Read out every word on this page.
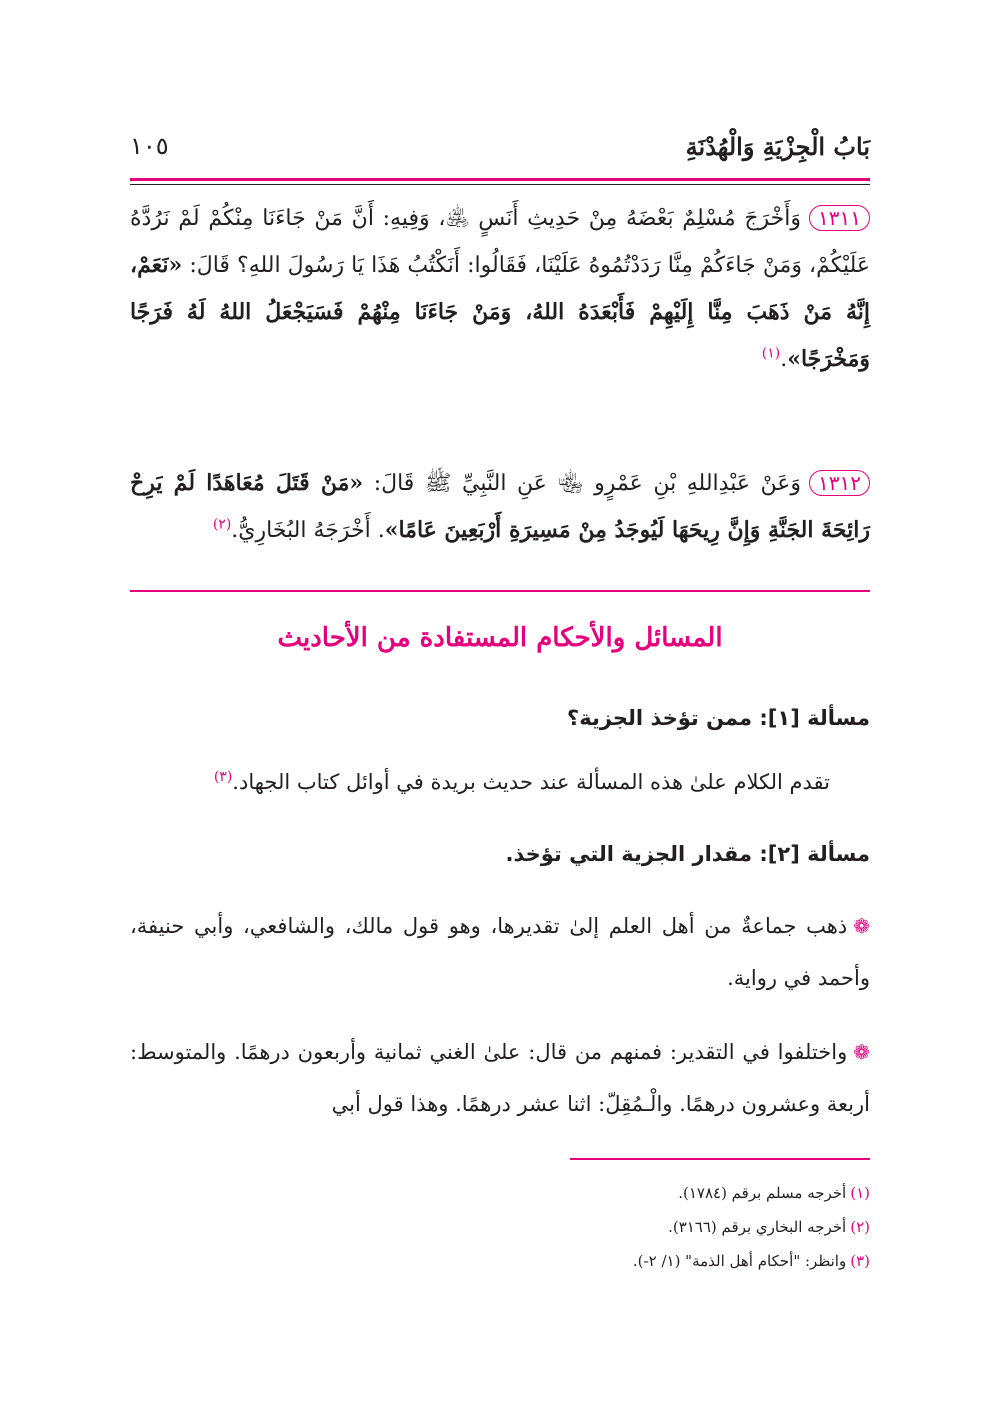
بَابُ الْجِزْيَةِ وَالْهُدْنَةِ
١٠٥
١٣١١وَأَخْرَجَ مُسْلِمٌ بَعْضَهُ مِنْ حَدِيثِ أَنَسٍ ﵁، وَفِيهِ: أَنَّ مَنْ جَاءَنَا مِنْكُمْ لَمْ نَرُدَّهُ عَلَيْكُمْ، وَمَنْ جَاءَكُمْ مِنَّا رَدَدْتُمُوهُ عَلَيْنَا، فَقَالُوا: أَنَكْتُبُ هَذَا يَا رَسُولَ اللهِ؟ قَالَ: «نَعَمْ، إِنَّهُ مَنْ ذَهَبَ مِنَّا إِلَيْهِمْ فَأَبْعَدَهُ اللهُ، وَمَنْ جَاءَنَا مِنْهُمْ فَسَيَجْعَلُ اللهُ لَهُ فَرَجًا وَمَخْرَجًا».$^{(١)}$
١٣١٢وَعَنْ عَبْدِاللهِ بْنِ عَمْرٍو ﵄ عَنِ النَّبِيِّ ﷺ قَالَ: «مَنْ قَتَلَ مُعَاهَدًا لَمْ يَرِحْ رَائِحَةَ الجَنَّةِ وَإِنَّ رِيحَهَا لَيُوجَدُ مِنْ مَسِيرَةِ أَرْبَعِينَ عَامًا». أَخْرَجَهُ البُخَارِيُّ.$^{(٢)}$
المسائل والأحكام المستفادة من الأحاديث
مسألة [١]: ممن تؤخذ الجزية؟
تقدم الكلام علىٰ هذه المسألة عند حديث بريدة في أوائل كتاب الجهاد.$^{(٣)}$
مسألة [٢]: مقدار الجزية التي تؤخذ.
❁ذهب جماعةٌ من أهل العلم إلىٰ تقديرها، وهو قول مالك، والشافعي، وأبي حنيفة، وأحمد في رواية.
❁واختلفوا في التقدير: فمنهم من قال: علىٰ الغني ثمانية وأربعون درهمًا. والمتوسط: أربعة وعشرون درهمًا. والْـمُقِلّ: اثنا عشر درهمًا. وهذا قول أبي
(١)أخرجه مسلم برقم (١٧٨٤).
(٢)أخرجه البخاري برقم (٣١٦٦).
(٣)وانظر: "أحكام أهل الذمة" (١/ ٢-).
